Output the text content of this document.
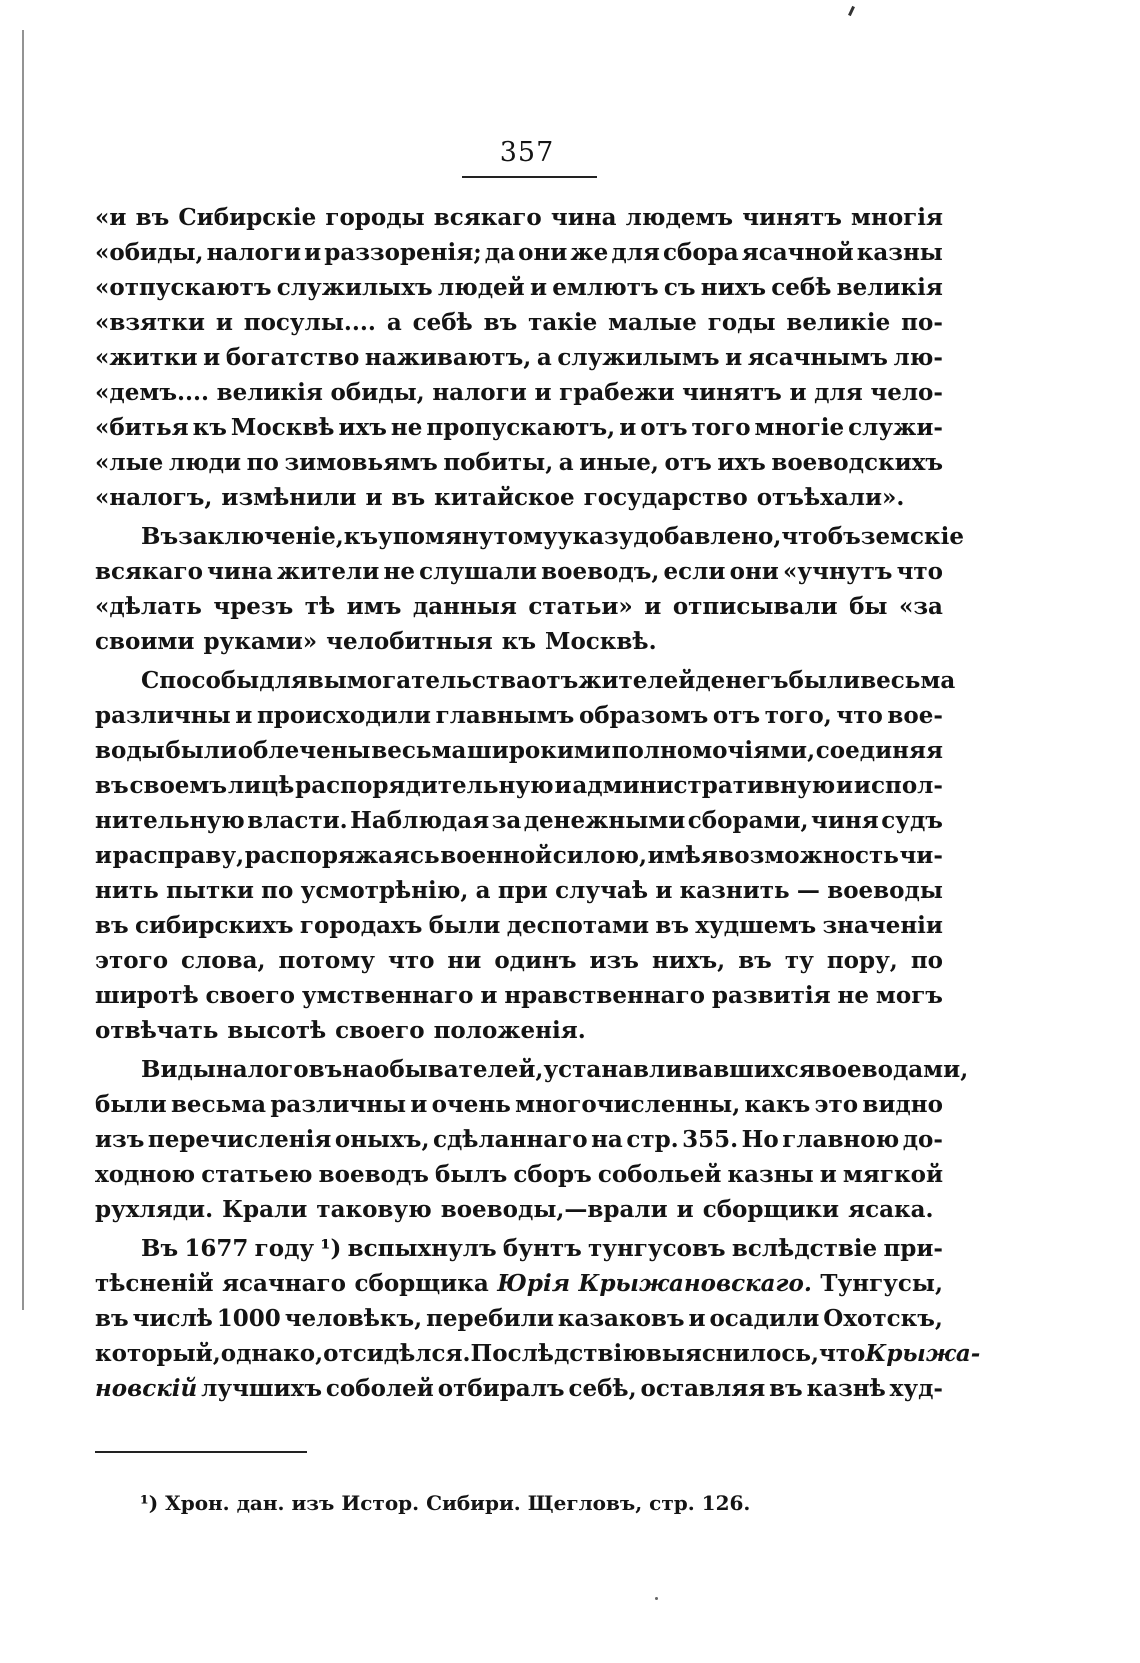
357
«и въ Сибирскіе городы всякаго чина людемъ чинятъ многія
«обиды, налоги и раззоренія; да они же для сбора ясачной казны
«отпускаютъ служилыхъ людей и емлютъ съ нихъ себѣ великія
«взятки и посулы.... а себѣ въ такіе малые годы великіе по-
«житки и богатство наживаютъ, а служилымъ и ясачнымъ лю-
«демъ.... великія обиды, налоги и грабежи чинятъ и для чело-
«битья къ Москвѣ ихъ не пропускаютъ, и отъ того многіе служи-
«лые люди по зимовьямъ побиты, а иные, отъ ихъ воеводскихъ
«налогъ, измѣнили и въ китайское государство отъѣхали».
Въ заключеніе, къ упомянутому указу добавлено, чтобъ земскіе
всякаго чина жители не слушали воеводъ, если они «учнутъ что
«дѣлать чрезъ тѣ имъ данныя статьи» и отписывали бы «за
своими руками» челобитныя къ Москвѣ.
Способы для вымогательства отъ жителей денегъ были весьма
различны и происходили главнымъ образомъ отъ того, что вое-
воды были облечены весьма широкими полномочіями, соединяя
въ своемъ лицѣ распорядительную и административную и испол-
нительную власти. Наблюдая за денежными сборами, чиня судъ
и расправу, распоряжаясь военной силою, имѣя возможность чи-
нить пытки по усмотрѣнію, а при случаѣ и казнить — воеводы
въ сибирскихъ городахъ были деспотами въ худшемъ значеніи
этого слова, потому что ни одинъ изъ нихъ, въ ту пору, по
широтѣ своего умственнаго и нравственнаго развитія не могъ
отвѣчать высотѣ своего положенія.
Виды налоговъ на обывателей, устанавливавшихся воеводами,
были весьма различны и очень многочисленны, какъ это видно
изъ перечисленія оныхъ, сдѣланнаго на стр. 355. Но главною до-
ходною статьею воеводъ былъ сборъ собольей казны и мягкой
рухляди. Крали таковую воеводы,—врали и сборщики ясака.
Въ 1677 году ¹) вспыхнулъ бунтъ тунгусовъ вслѣдствіе при-
тѣсненій ясачнаго сборщика Юрія Крыжановскаго. Тунгусы,
въ числѣ 1000 человѣкъ, перебили казаковъ и осадили Охотскъ,
который, однако, отсидѣлся. По слѣдствію выяснилось, что Крыжа-
новскій лучшихъ соболей отбиралъ себѣ, оставляя въ казнѣ худ-
¹) Хрон. дан. изъ Истор. Сибири. Щегловъ, стр. 126.
